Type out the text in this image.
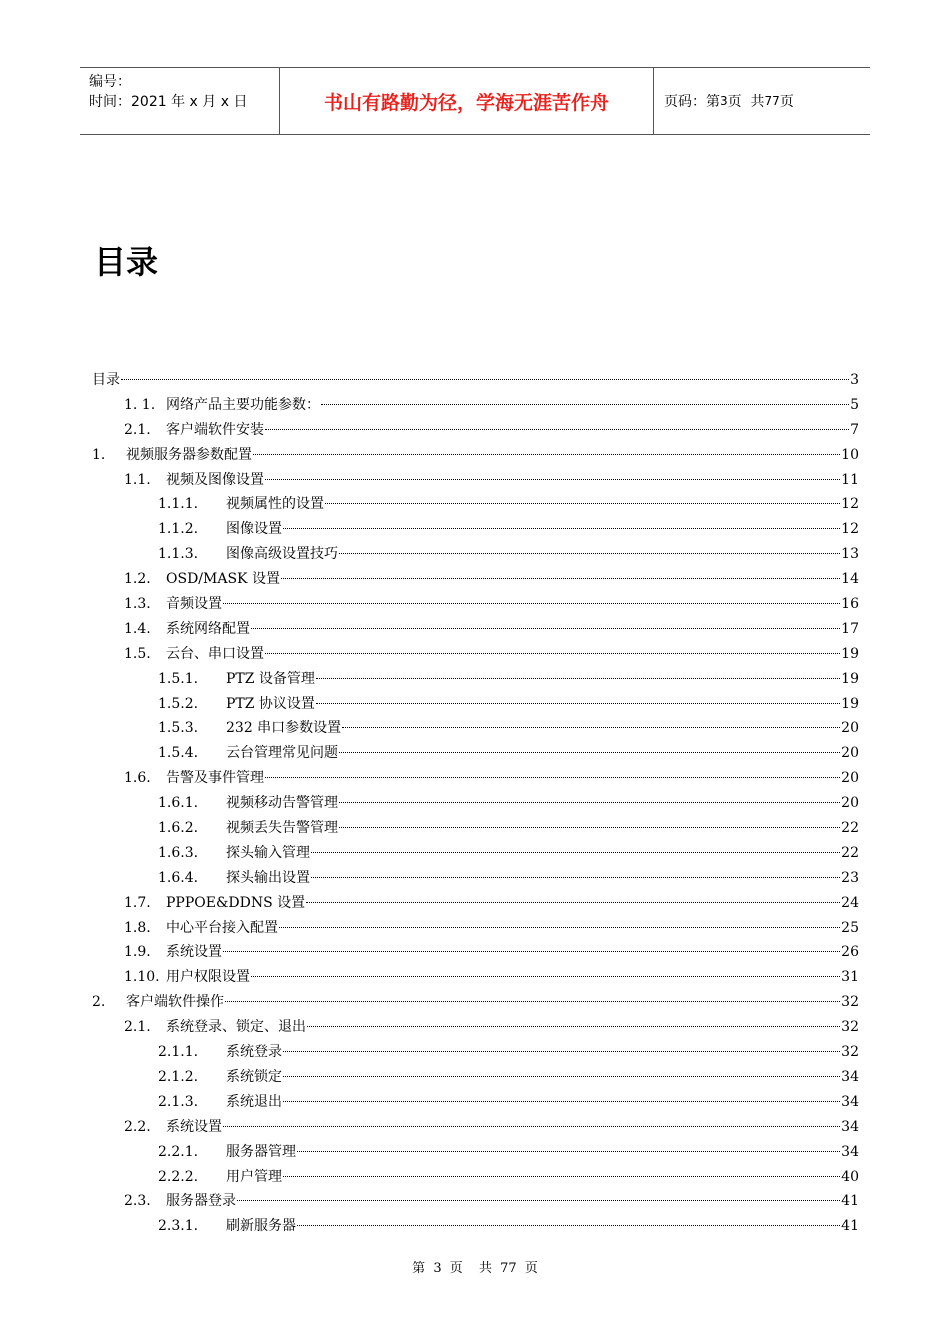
编号：
时间：2021 年 x 月 x 日	书山有路勤为径，学海无涯苦作舟	页码：第 3 页  共 77 页
目录
目录	3
1. 1. 网络产品主要功能参数：	5
2.1.	客户端软件安装	7
1.	视频服务器参数配置	10
1.1.	视频及图像设置	11
1.1.1.	视频属性的设置	12
1.1.2.	图像设置	12
1.1.3.	图像高级设置技巧	13
1.2.	OSD/MASK 设置	14
1.3.	音频设置	16
1.4.	系统网络配置	17
1.5.	云台、串口设置	19
1.5.1.	PTZ 设备管理	19
1.5.2.	PTZ 协议设置	19
1.5.3.	232 串口参数设置	20
1.5.4.	云台管理常见问题	20
1.6.	告警及事件管理	20
1.6.1.	视频移动告警管理	20
1.6.2.	视频丢失告警管理	22
1.6.3.	探头输入管理	22
1.6.4.	探头输出设置	23
1.7.	PPPOE&DDNS 设置	24
1.8.	中心平台接入配置	25
1.9.	系统设置	26
1.10. 用户权限设置	31
2.	客户端软件操作	32
2.1.	系统登录、锁定、退出	32
2.1.1.	系统登录	32
2.1.2.	系统锁定	34
2.1.3.	系统退出	34
2.2.	系统设置	34
2.2.1.	服务器管理	34
2.2.2.	用户管理	40
2.3.	服务器登录	41
2.3.1.	刷新服务器	41
第 3 页  共 77 页
